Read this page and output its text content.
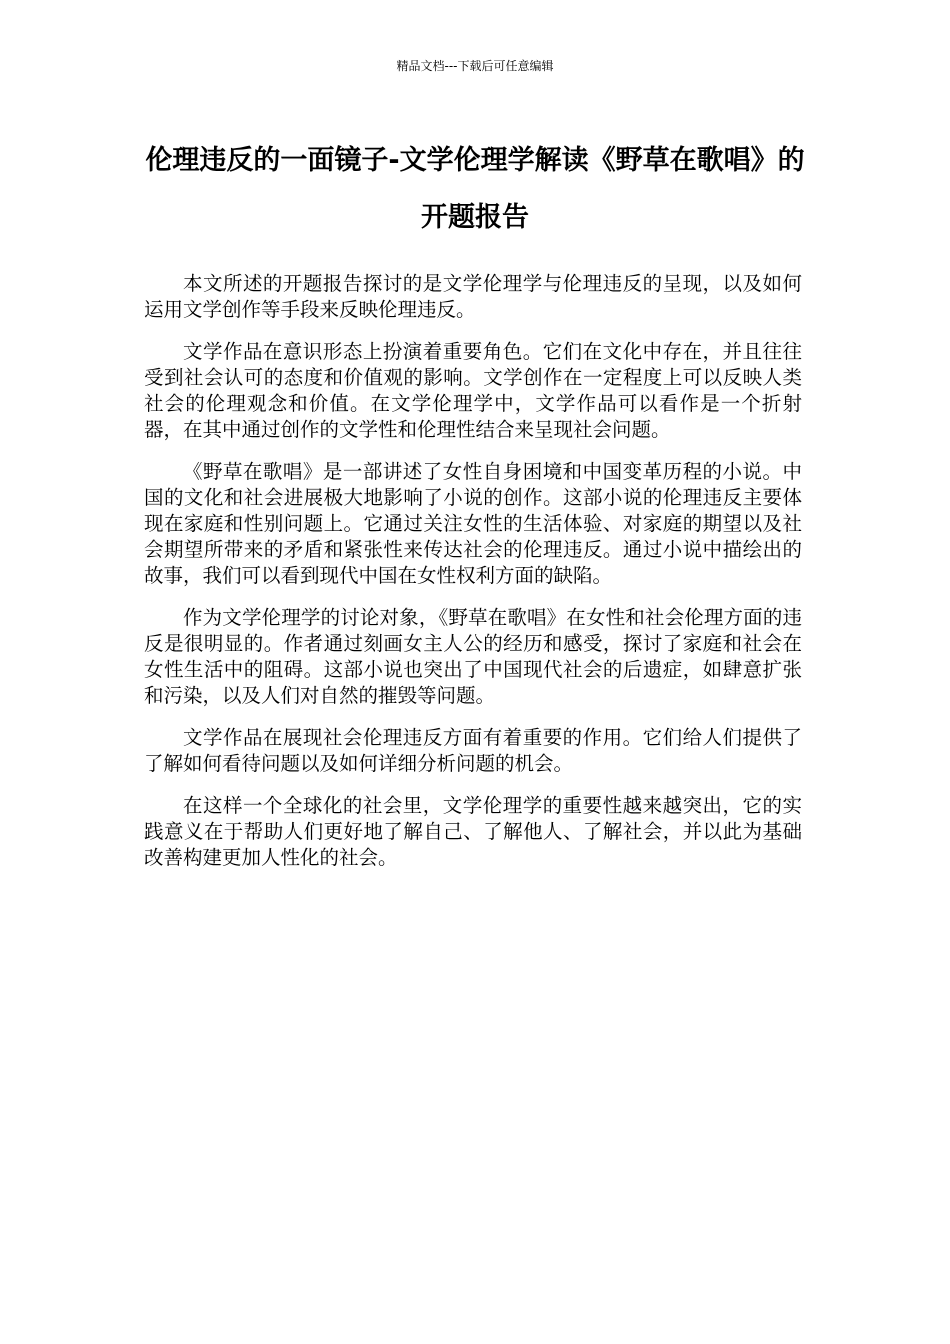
精品文档---下载后可任意编辑
伦理违反的一面镜子-文学伦理学解读《野草在歌唱》的开题报告

本文所述的开题报告探讨的是文学伦理学与伦理违反的呈现，以及如何运用文学创作等手段来反映伦理违反。

文学作品在意识形态上扮演着重要角色。它们在文化中存在，并且往往受到社会认可的态度和价值观的影响。文学创作在一定程度上可以反映人类社会的伦理观念和价值。在文学伦理学中，文学作品可以看作是一个折射器，在其中通过创作的文学性和伦理性结合来呈现社会问题。

《野草在歌唱》是一部讲述了女性自身困境和中国变革历程的小说。中国的文化和社会进展极大地影响了小说的创作。这部小说的伦理违反主要体现在家庭和性别问题上。它通过关注女性的生活体验、对家庭的期望以及社会期望所带来的矛盾和紧张性来传达社会的伦理违反。通过小说中描绘出的故事，我们可以看到现代中国在女性权利方面的缺陷。

作为文学伦理学的讨论对象，《野草在歌唱》在女性和社会伦理方面的违反是很明显的。作者通过刻画女主人公的经历和感受，探讨了家庭和社会在女性生活中的阻碍。这部小说也突出了中国现代社会的后遗症，如肆意扩张和污染，以及人们对自然的摧毁等问题。

文学作品在展现社会伦理违反方面有着重要的作用。它们给人们提供了了解如何看待问题以及如何详细分析问题的机会。

在这样一个全球化的社会里，文学伦理学的重要性越来越突出，它的实践意义在于帮助人们更好地了解自己、了解他人、了解社会，并以此为基础改善构建更加人性化的社会。
